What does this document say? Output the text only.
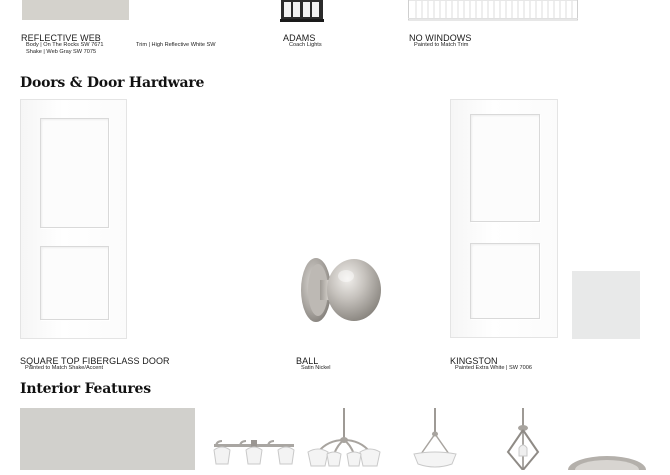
REFLECTIVE WEB
Body | On The Rocks SW 7671	Trim | High Reflective White SW
Shake | Web Gray SW 7075
ADAMS
Coach Lights
NO WINDOWS
Painted to Match Trim
Doors & Door Hardware
SQUARE TOP FIBERGLASS DOOR
Painted to Match Shake/Accent
BALL
Satin Nickel
KINGSTON
Painted Extra White | SW 7006
Interior Features
